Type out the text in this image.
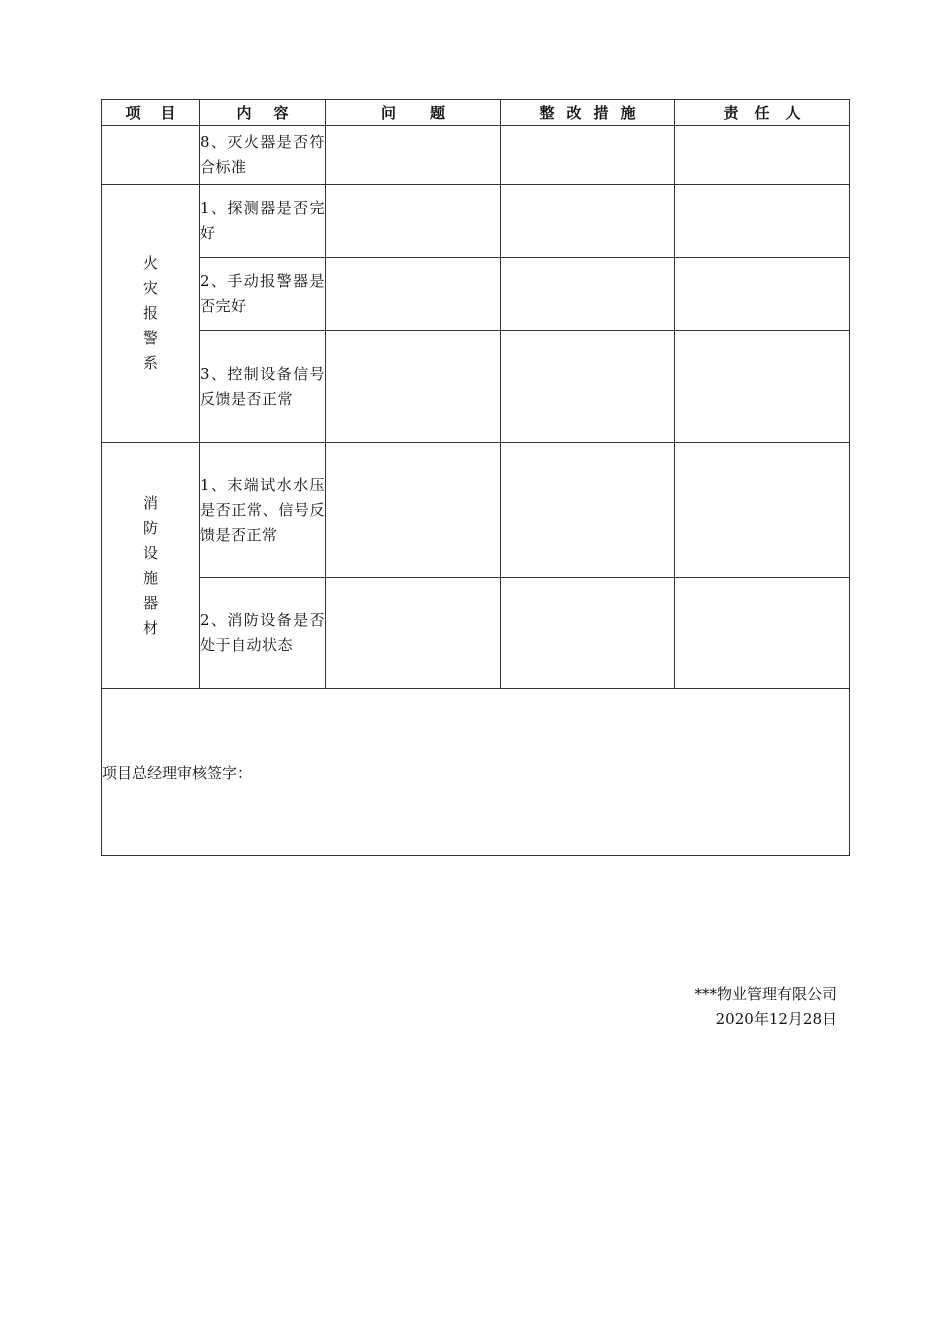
项目	内容	问题	整改措施	责任人
	8、灭火器是否符合标准			
火灾报警系	1、探测器是否完好			
	2、手动报警器是否完好			
	3、控制设备信号反馈是否正常			
消防设施器材	1、末端试水水压是否正常、信号反馈是否正常			
	2、消防设备是否处于自动状态			
项目总经理审核签字：				
***物业管理有限公司
2020年12月28日
